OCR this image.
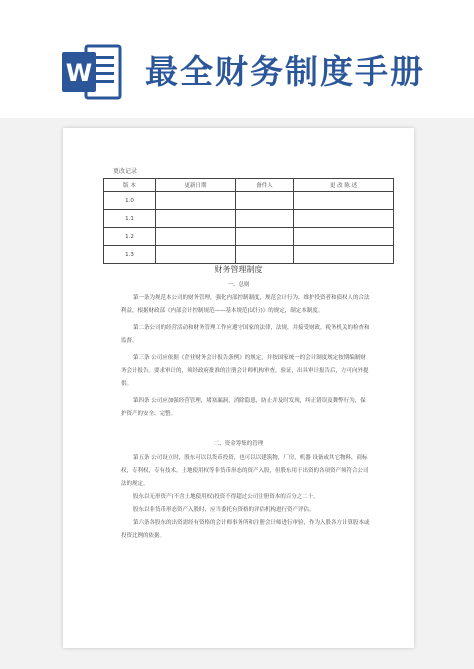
W 最全财务制度手册
更改记录
版 本	更新日期	备件人	更 改 陈 述
1.0			
1.1			
1.2			
1.3			
财务管理制度
一、总则

第一条为规范本公司的财务管理，强化内部控制制度，规范会计行为，维护投资者和债权人的合法利益，根据财政部《内部会计控制规范——基本规范(试行)》的规定，制定本制度。

第二条公司的经营活动和财务管理工作应遵守国家的法律，法规，并接受财政，税务机关的检查和监督。

第三条 公司应依据《企业财务会计报告条例》的规定，并按国家统一的会计制度规定按期编制财务会计报告。要求审计的，须经政府批准的注册会计师机构审查，验证，出具审计报告后，方可向外提供。

第四条 公司应加强经营管理，堵塞漏洞，消除隐患，防止并及时发现，纠正错误及舞弊行为，保护资产的安全、完整。

二、资金筹集的管理

第五条 公司设立时，股东可以以货币投资，也可以以建筑物，厂房，机器 设备或其它物料，商标权，专利权，专有技术，土地使用权等非货币形态的资产入股，但股东用于出资的各项资产须符合公司法的规定。

股东以无形资产(不含土地使用权)投资不得超过公司注册资本的百分之二十。

股东以非货币形态资产入股时，应当委托有资格的评估机构进行资产评估。

第六条各股东的出资需经有资格的会计师事务所和注册会计师进行审验，作为入股各方计算股本或投资比例的依据。
